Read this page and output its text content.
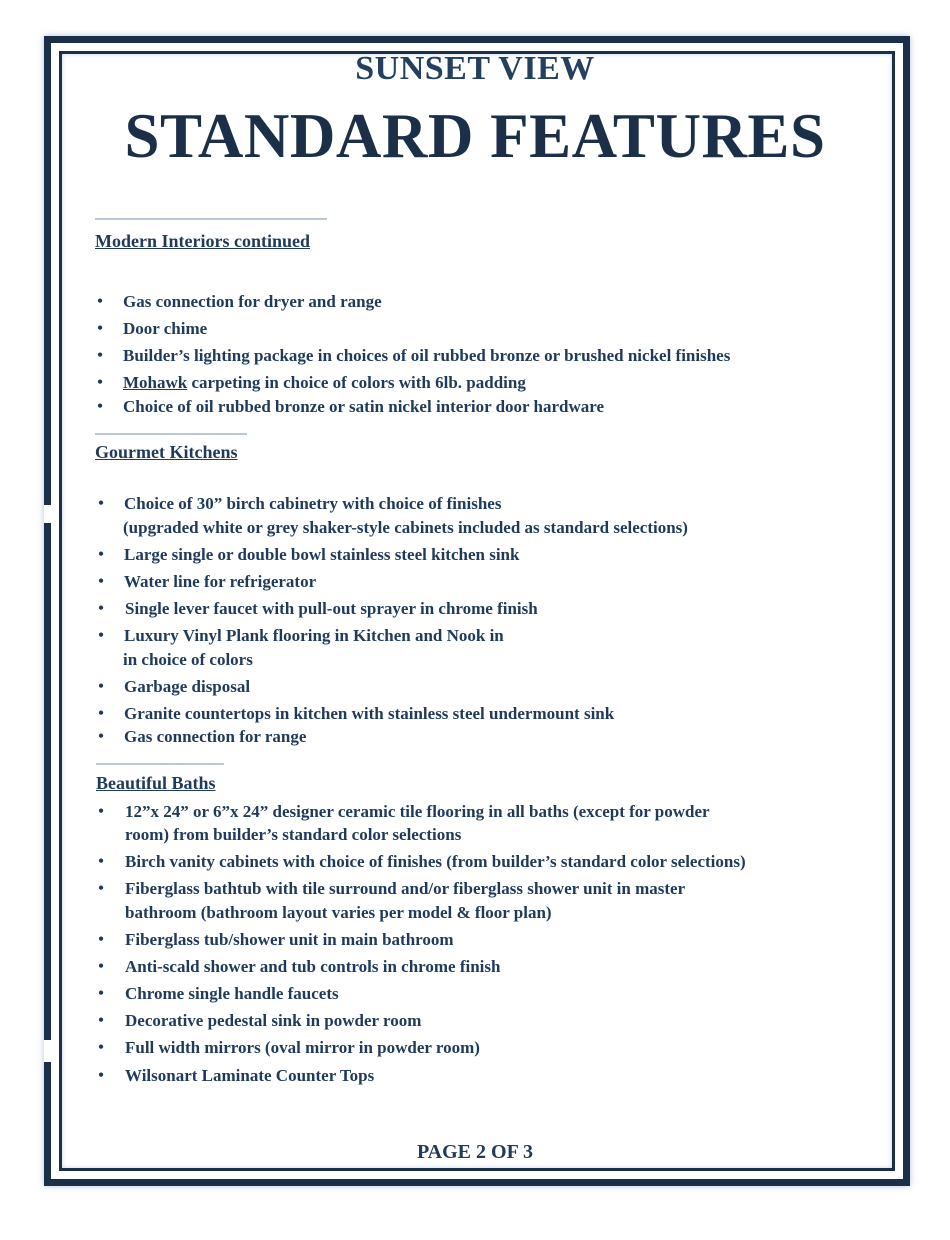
SUNSET VIEW
STANDARD FEATURES
Modern Interiors continued
• Gas connection for dryer and range
• Door chime
• Builder’s lighting package in choices of oil rubbed bronze or brushed nickel finishes
• Mohawk carpeting in choice of colors with 6lb. padding
• Choice of oil rubbed bronze or satin nickel interior door hardware
Gourmet Kitchens
• Choice of 30” birch cabinetry with choice of finishes
(upgraded white or grey shaker-style cabinets included as standard selections)
• Large single or double bowl stainless steel kitchen sink
• Water line for refrigerator
• Single lever faucet with pull-out sprayer in chrome finish
• Luxury Vinyl Plank flooring in Kitchen and Nook in
in choice of colors
• Garbage disposal
• Granite countertops in kitchen with stainless steel undermount sink
• Gas connection for range
Beautiful Baths
• 12”x 24” or 6”x 24” designer ceramic tile flooring in all baths (except for powder
room) from builder’s standard color selections
• Birch vanity cabinets with choice of finishes (from builder’s standard color selections)
• Fiberglass bathtub with tile surround and/or fiberglass shower unit in master
bathroom (bathroom layout varies per model & floor plan)
• Fiberglass tub/shower unit in main bathroom
• Anti-scald shower and tub controls in chrome finish
• Chrome single handle faucets
• Decorative pedestal sink in powder room
• Full width mirrors (oval mirror in powder room)
• Wilsonart Laminate Counter Tops
PAGE 2 OF 3
